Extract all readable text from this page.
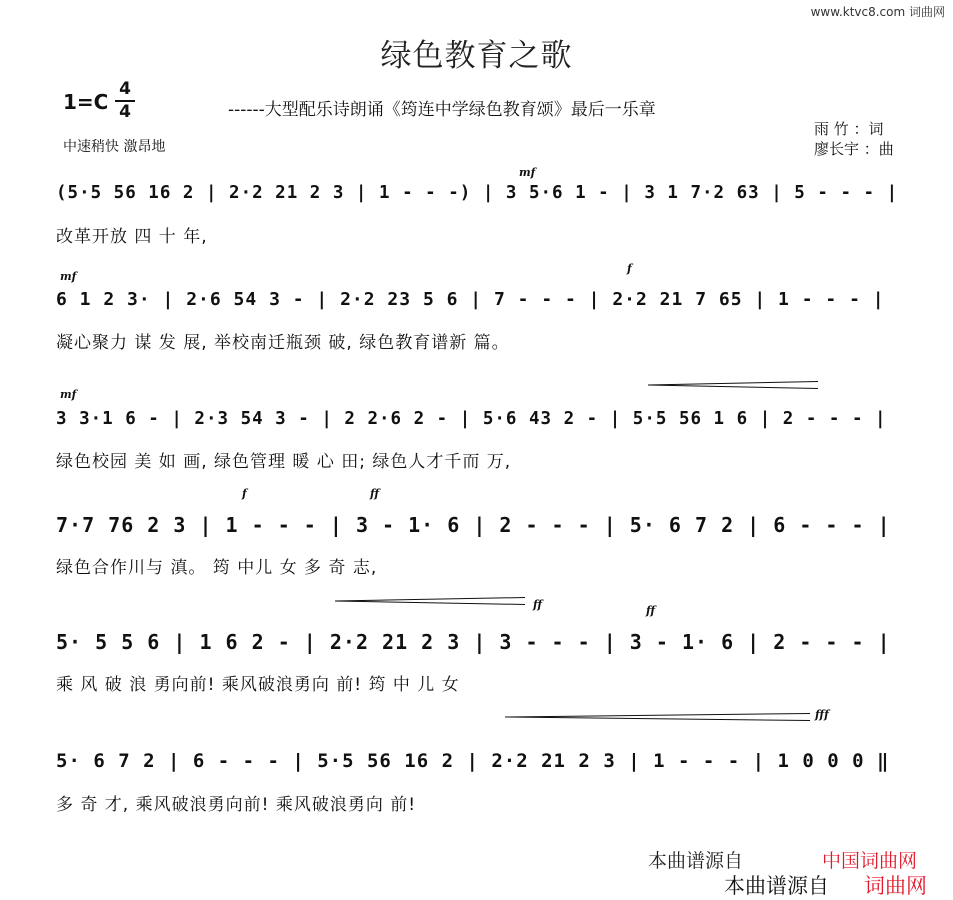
www.ktvc8.com 词曲网
绿色教育之歌
1=C
4
4	------大型配乐诗朗诵《筠连中学绿色教育颂》最后一乐章
中速稍快 激昂地
雨 竹 ：词
廖长宇 ：曲
mf
(5·5 56 16 2 | 2·2 21 2 3 | 1 - - -) | 3 5·6 1 - | 3 1 7·2 63 | 5 - - - |
改革开放 四 十 年,
mf
f
6 1 2 3· | 2·6 54 3 - | 2·2 23 5 6 | 7 - - - | 2·2 21 7 65 | 1 - - - |
凝心聚力 谋 发 展, 举校南迁瓶颈 破, 绿色教育谱新 篇。
mf
3 3·1 6 - | 2·3 54 3 - | 2 2·6 2 - | 5·6 43 2 - | 5·5 56 1 6 | 2 - - - |
绿色校园 美 如 画, 绿色管理 暖 心 田; 绿色人才千而 万,
f	ff
7·7 76 2 3 | 1 - - - | 3 - 1· 6 | 2 - - - | 5· 6 7 2 | 6 - - - |
绿色合作川与 滇。 筠 中儿 女 多 奇 志,
ff	ff
5· 5 5 6 | 1 6 2 - | 2·2 21 2 3 | 3 - - - | 3 - 1· 6 | 2 - - - |
乘 风 破 浪 勇向前! 乘风破浪勇向 前! 筠 中 儿 女
fff
5· 6 7 2 | 6 - - - | 5·5 56 16 2 | 2·2 21 2 3 | 1 - - - | 1 0 0 0 ‖
多 奇 才, 乘风破浪勇向前! 乘风破浪勇向 前!
本曲谱源自	中国词曲网
本曲谱源自 词曲网
